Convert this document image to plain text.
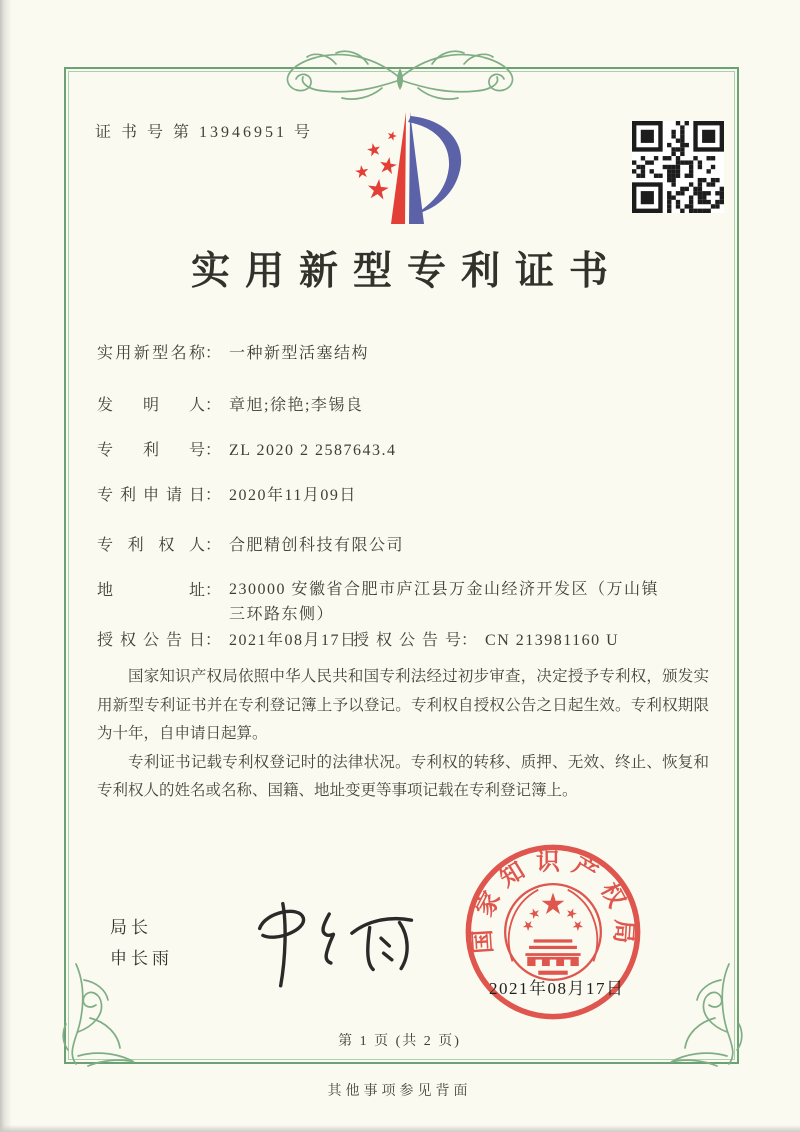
证 书 号 第 13946951 号
实用新型专利证书
实用新型名称： 一种新型活塞结构
发明人： 章旭;徐艳;李锡良
专利号： ZL 2020 2 2587643.4
专利申请日： 2020年11月09日
专利权人： 合肥精创科技有限公司
地址： 230000 安徽省合肥市庐江县万金山经济开发区（万山镇三环路东侧）
授权公告日： 2021年08月17日
授权公告号： CN 213981160 U

国家知识产权局依照中华人民共和国专利法经过初步审查，决定授予专利权，颁发实用新型专利证书并在专利登记簿上予以登记。专利权自授权公告之日起生效。专利权期限为十年，自申请日起算。

专利证书记载专利权登记时的法律状况。专利权的转移、质押、无效、终止、恢复和专利权人的姓名或名称、国籍、地址变更等事项记载在专利登记簿上。

局长
申长雨
国家知识产权局
2021年08月17日
第 1 页 (共 2 页)
其他事项参见背面
